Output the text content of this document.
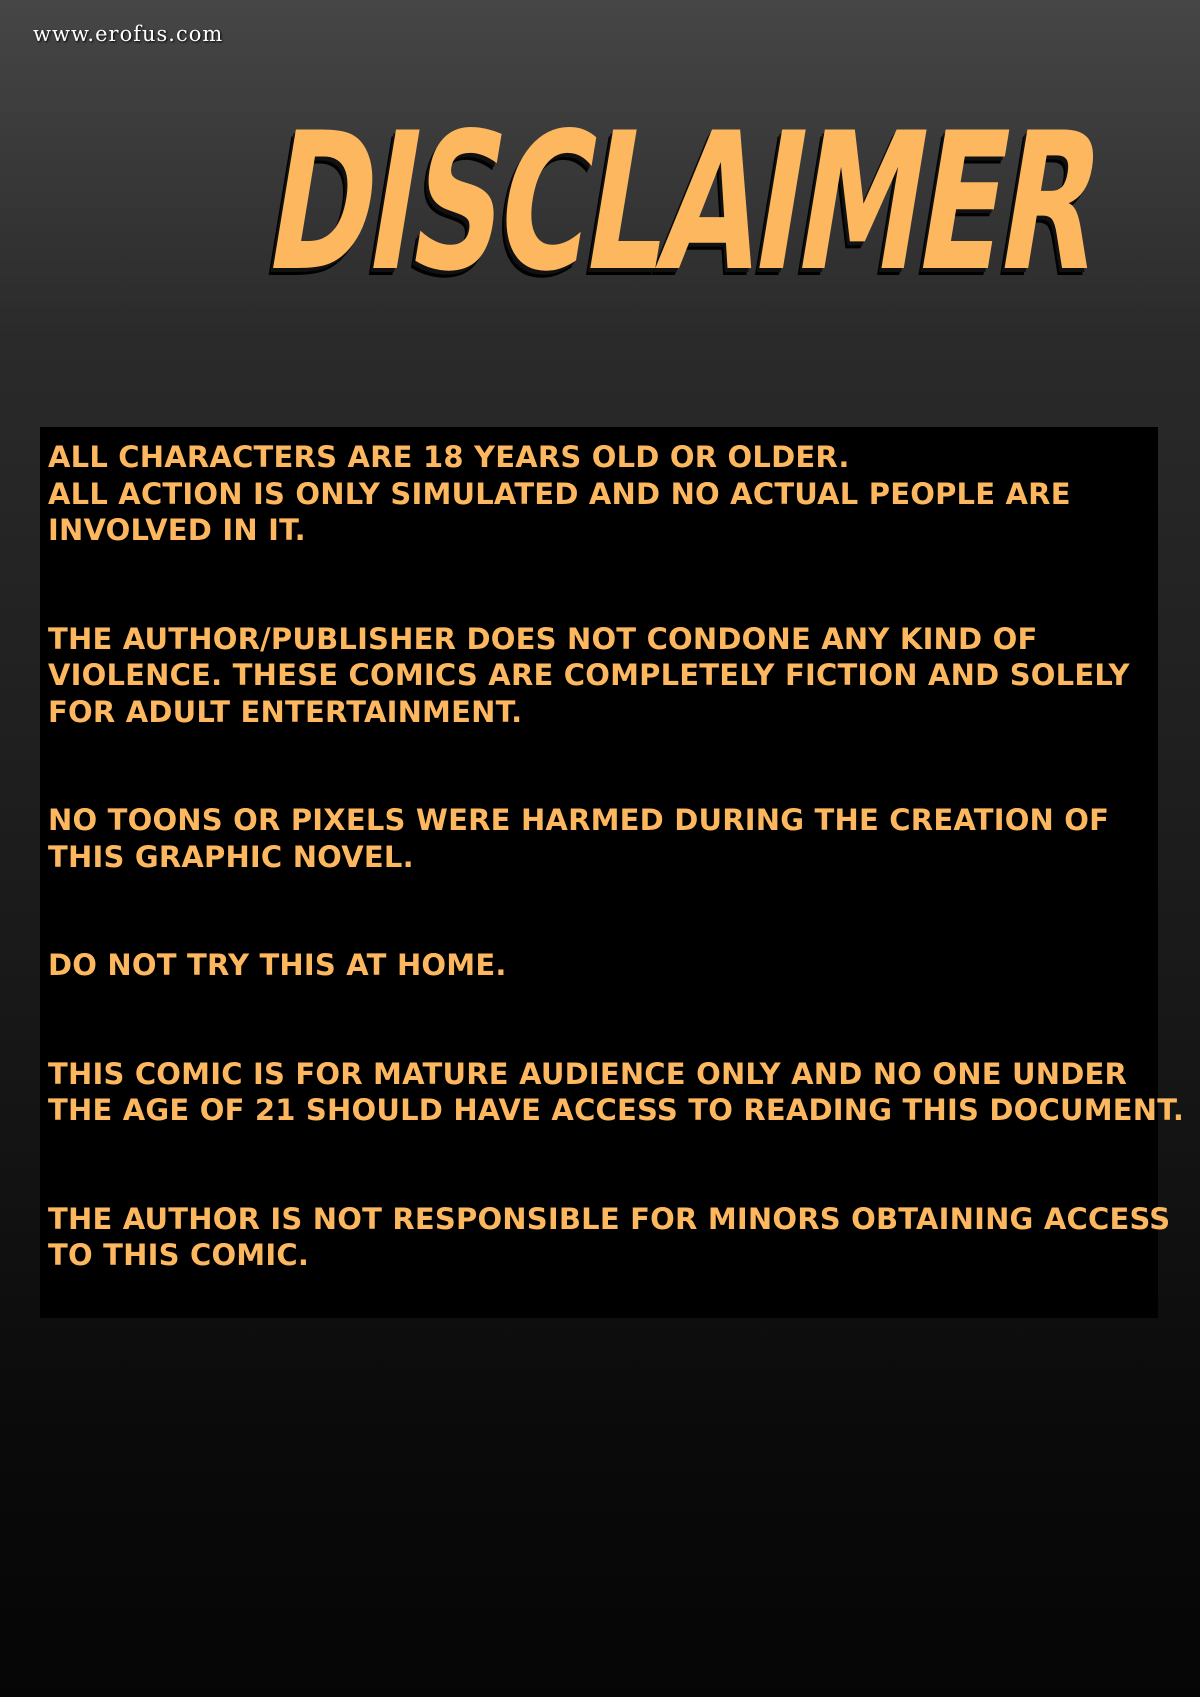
www.erofus.com
DISCLAIMER

ALL CHARACTERS ARE 18 YEARS OLD OR OLDER.
ALL ACTION IS ONLY SIMULATED AND NO ACTUAL PEOPLE ARE
INVOLVED IN IT.

THE AUTHOR/PUBLISHER DOES NOT CONDONE ANY KIND OF
VIOLENCE. THESE COMICS ARE COMPLETELY FICTION AND SOLELY
FOR ADULT ENTERTAINMENT.

NO TOONS OR PIXELS WERE HARMED DURING THE CREATION OF
THIS GRAPHIC NOVEL.

DO NOT TRY THIS AT HOME.

THIS COMIC IS FOR MATURE AUDIENCE ONLY AND NO ONE UNDER
THE AGE OF 21 SHOULD HAVE ACCESS TO READING THIS DOCUMENT.

THE AUTHOR IS NOT RESPONSIBLE FOR MINORS OBTAINING ACCESS
TO THIS COMIC.
